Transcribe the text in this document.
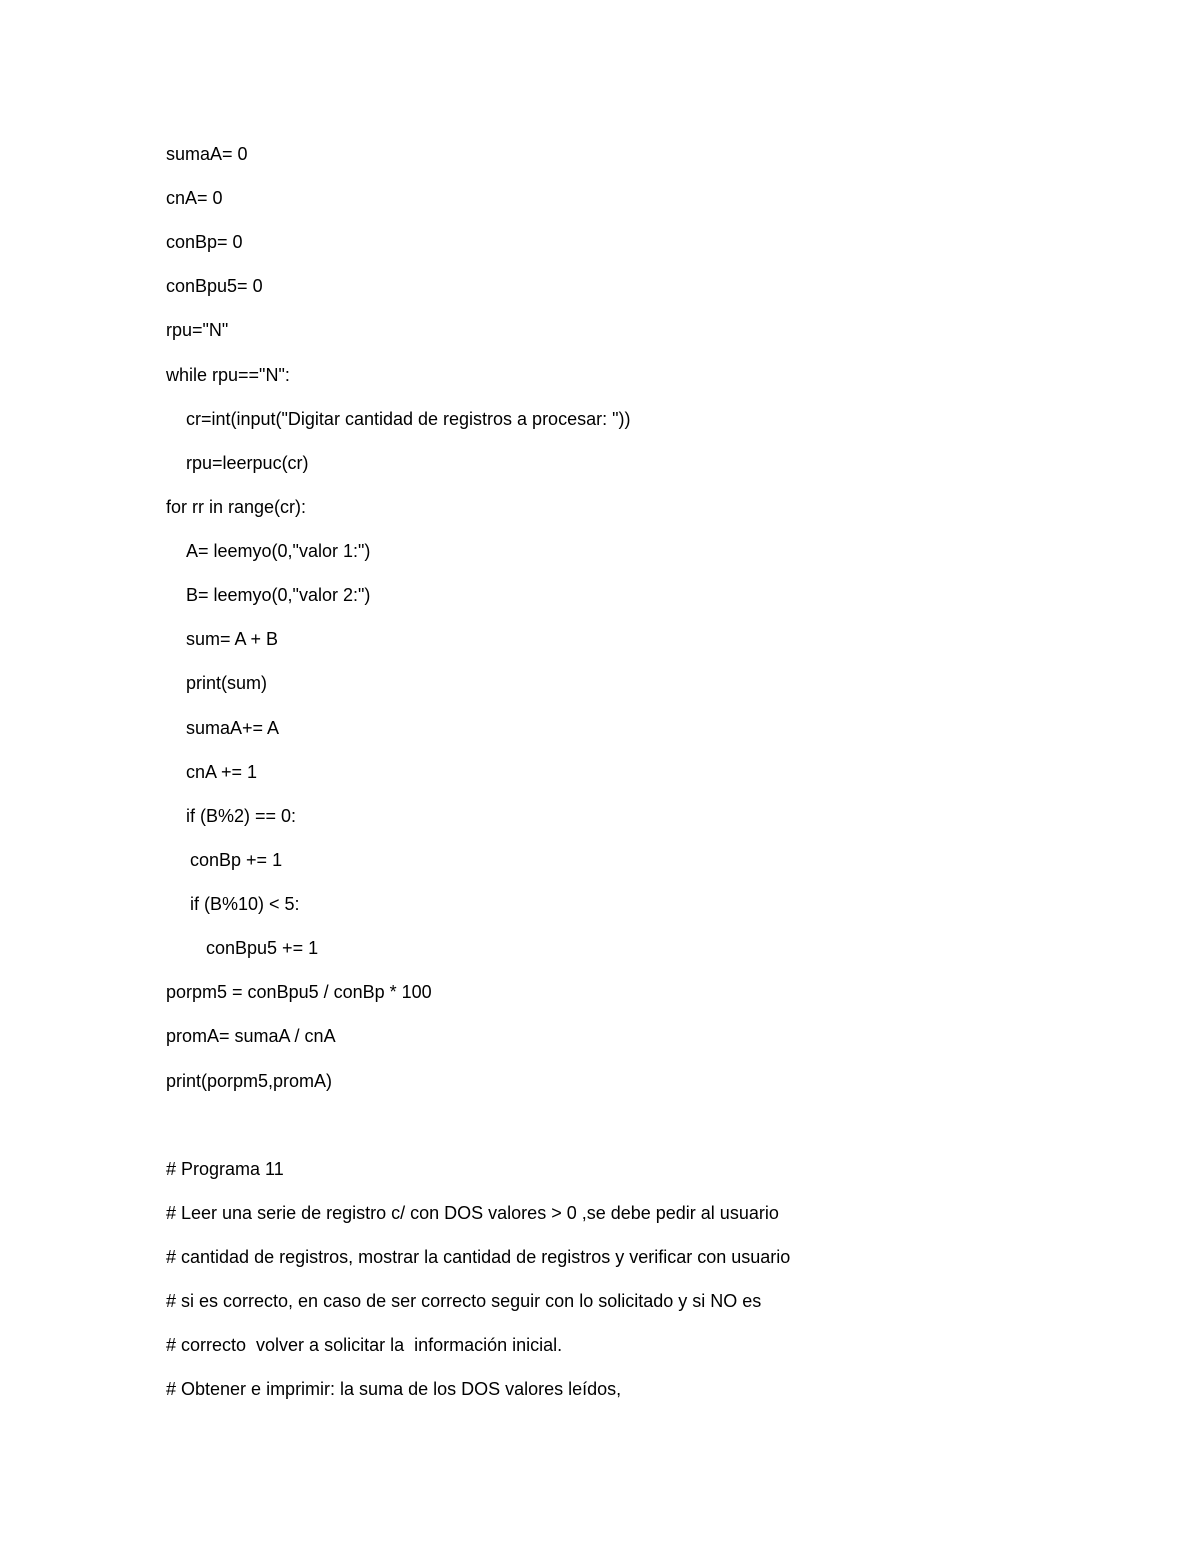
sumaA= 0
cnA= 0
conBp= 0
conBpu5= 0
rpu="N"
while rpu=="N":
cr=int(input("Digitar cantidad de registros a procesar: "))
rpu=leerpuc(cr)
for rr in range(cr):
A= leemyo(0,"valor 1:")
B= leemyo(0,"valor 2:")
sum= A + B
print(sum)
sumaA+= A
cnA += 1
if (B%2) == 0:
conBp += 1
if (B%10) < 5:
conBpu5 += 1
porpm5 = conBpu5 / conBp * 100
promA= sumaA / cnA
print(porpm5,promA)
# Programa 11
# Leer una serie de registro c/ con DOS valores > 0 ,se debe pedir al usuario
# cantidad de registros, mostrar la cantidad de registros y verificar con usuario
# si es correcto, en caso de ser correcto seguir con lo solicitado y si NO es
# correcto  volver a solicitar la  información inicial.
# Obtener e imprimir: la suma de los DOS valores leídos,
